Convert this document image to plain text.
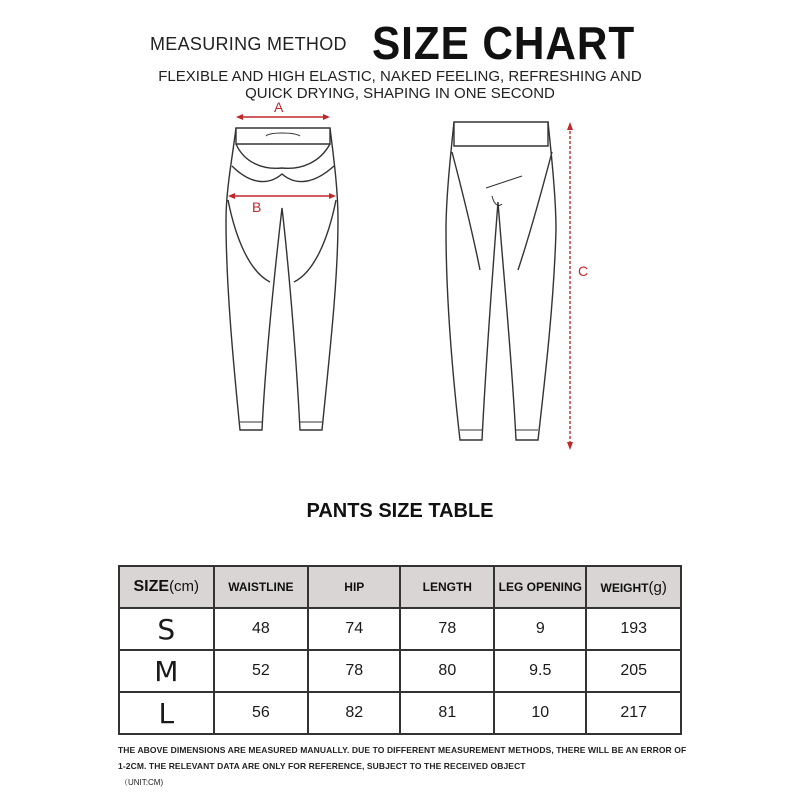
MEASURING METHOD SIZE CHART
FLEXIBLE AND HIGH ELASTIC, NAKED FEELING, REFRESHING AND
QUICK DRYING, SHAPING IN ONE SECOND
A
B
C
PANTS SIZE TABLE
SIZE(cm)	WAISTLINE	HIP	LENGTH	LEG OPENING	WEIGHT(g)
S	48	74	78	9	193
M	52	78	80	9.5	205
L	56	82	81	10	217
THE ABOVE DIMENSIONS ARE MEASURED MANUALLY. DUE TO DIFFERENT MEASUREMENT METHODS, THERE WILL BE AN ERROR OF 1-2CM. THE RELEVANT DATA ARE ONLY FOR REFERENCE, SUBJECT TO THE RECEIVED OBJECT
（UNIT:CM)
